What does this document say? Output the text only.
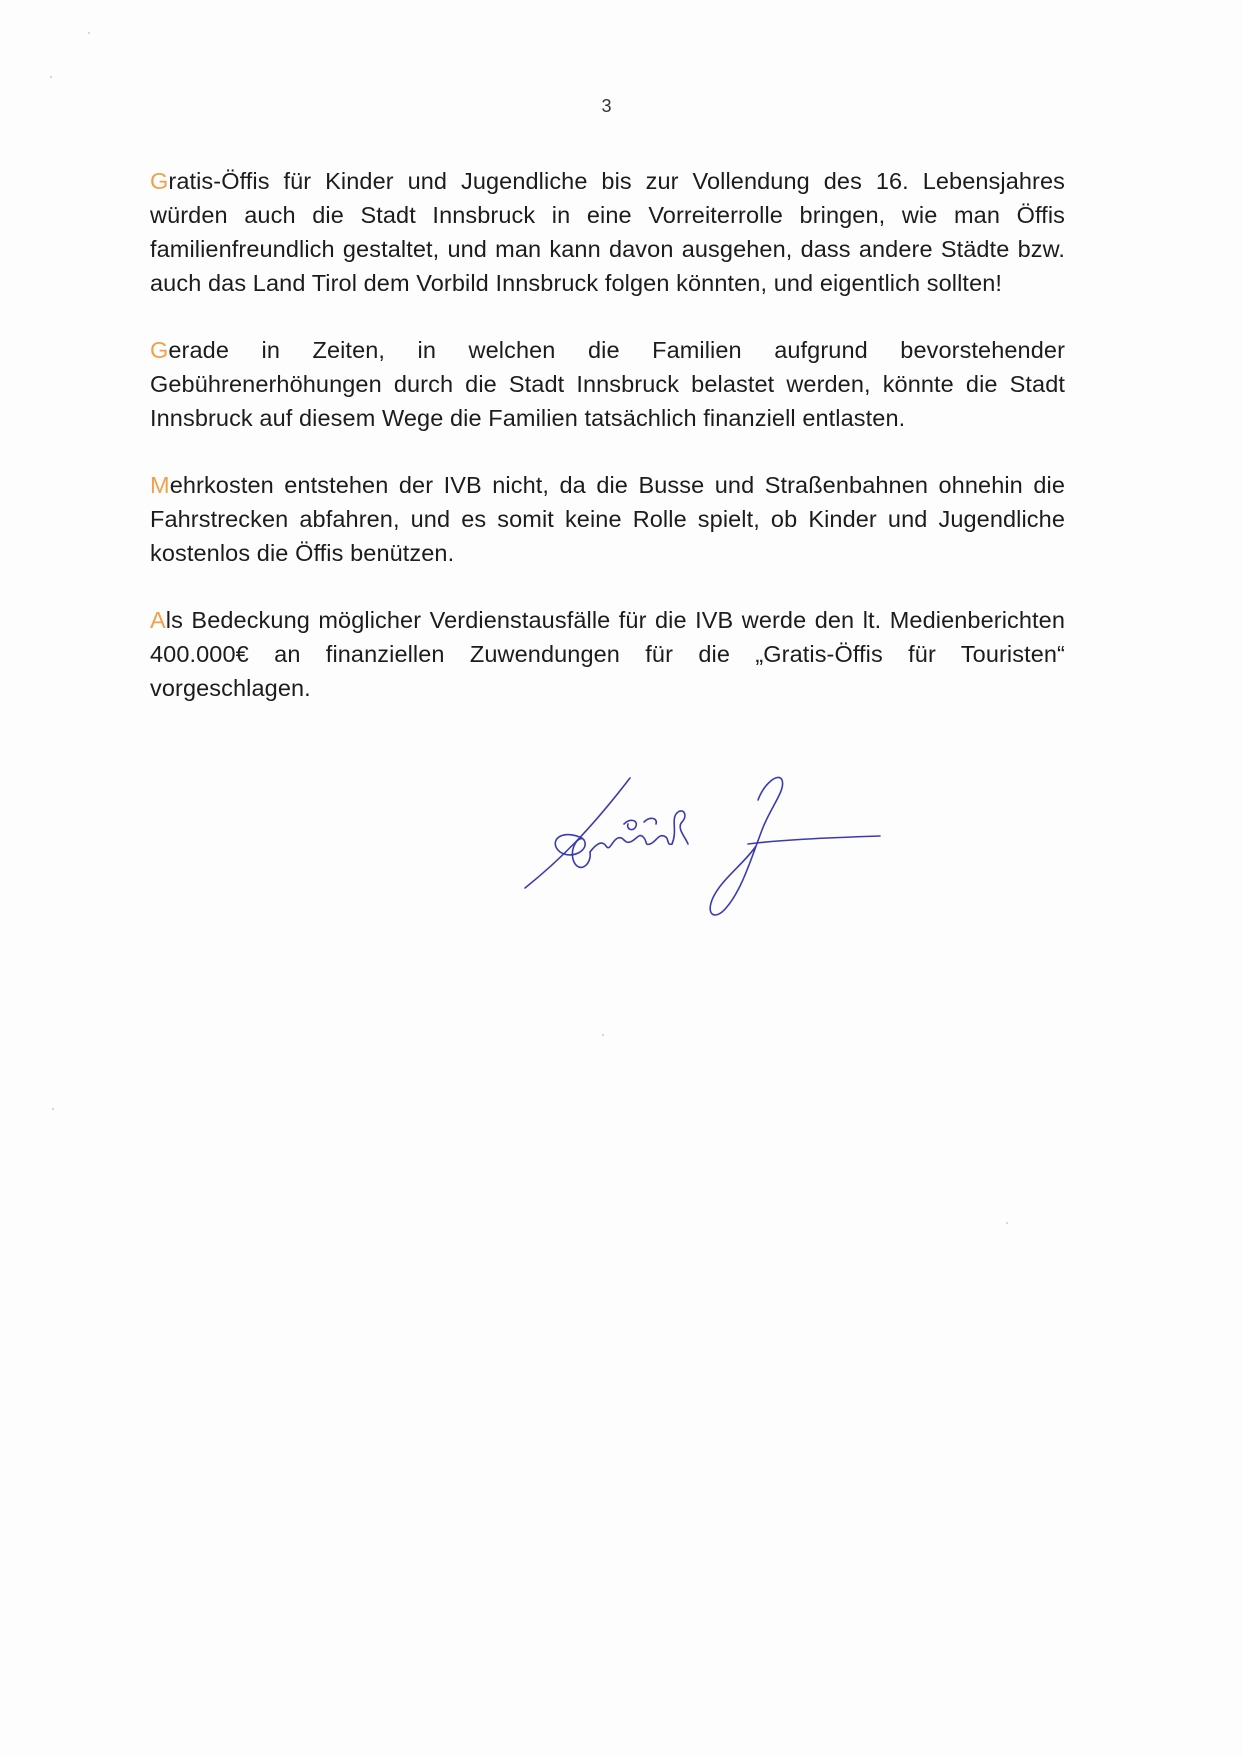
3

Gratis-Öffis für Kinder und Jugendliche bis zur Vollendung des 16. Lebensjahres würden auch die Stadt Innsbruck in eine Vorreiterrolle bringen, wie man Öffis familienfreundlich gestaltet, und man kann davon ausgehen, dass andere Städte bzw. auch das Land Tirol dem Vorbild Innsbruck folgen könnten, und eigentlich sollten!

Gerade in Zeiten, in welchen die Familien aufgrund bevorstehender Gebührenerhöhungen durch die Stadt Innsbruck belastet werden, könnte die Stadt Innsbruck auf diesem Wege die Familien tatsächlich finanziell entlasten.

Mehrkosten entstehen der IVB nicht, da die Busse und Straßenbahnen ohnehin die Fahrstrecken abfahren, und es somit keine Rolle spielt, ob Kinder und Jugendliche kostenlos die Öffis benützen.

Als Bedeckung möglicher Verdienstausfälle für die IVB werde den lt. Medienberichten 400.000€ an finanziellen Zuwendungen für die „Gratis-Öffis für Touristen“ vorgeschlagen.
